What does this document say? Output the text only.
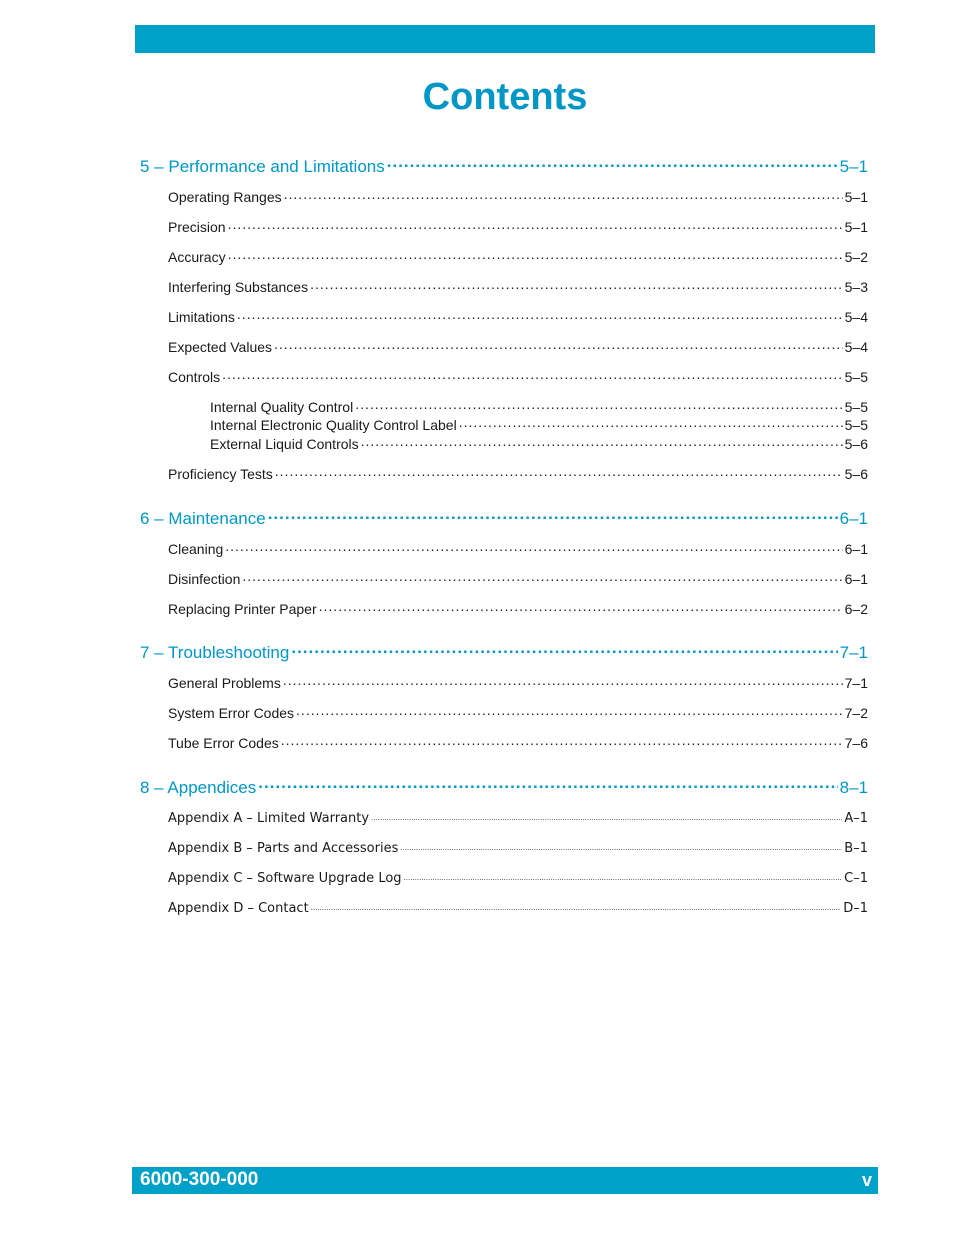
Contents
5 – Performance and Limitations .....	5–1
Operating Ranges .....	5–1
Precision .....	5–1
Accuracy .....	5–2
Interfering Substances .....	5–3
Limitations .....	5–4
Expected Values .....	5–4
Controls .....	5–5
Internal Quality Control .....	5–5
Internal Electronic Quality Control Label .....	5–5
External Liquid Controls .....	5–6
Proficiency Tests .....	5–6
6 – Maintenance .....	6–1
Cleaning .....	6–1
Disinfection .....	6–1
Replacing Printer Paper .....	6–2
7 – Troubleshooting .....	7–1
General Problems .....	7–1
System Error Codes .....	7–2
Tube Error Codes .....	7–6
8 – Appendices .....	8–1
Appendix A – Limited Warranty .....	A–1
Appendix B – Parts and Accessories .....	B–1
Appendix C – Software Upgrade Log .....	C–1
Appendix D – Contact .....	D–1
6000-300-000	v
